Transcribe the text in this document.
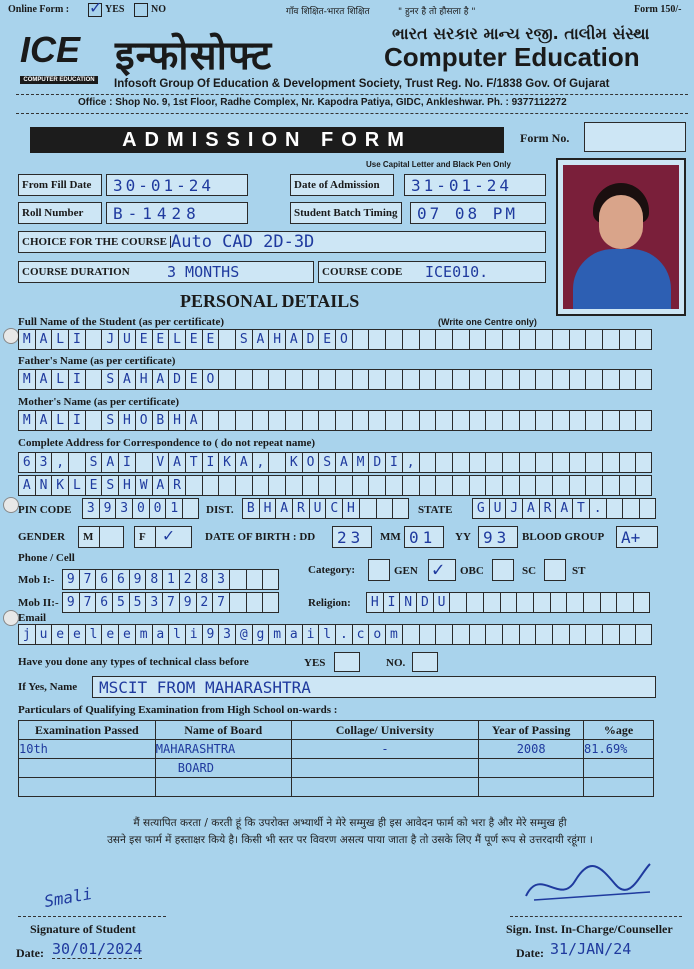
Online Form : ✓ YES	NO	गाँव शिक्षित-भारत शिक्षित	" हुनर है तो हौसला है "	Form 150/-
ICE
COMPUTER EDUCATION
इन्फोसोफ्ट	ભારત સરકાર માન્ય રજી. તાલીમ સંસ્થા
Computer Education
Infosoft Group Of Education & Development Society, Trust Reg. No. F/1838 Gov. Of Gujarat
Office : Shop No. 9, 1st Floor, Radhe Complex, Nr. Kapodra Patiya, GIDC, Ankleshwar. Ph. : 9377112272
ADMISSION FORM	Form No.
Use Capital Letter and Black Pen Only
From Fill Date 30-01-24	Date of Admission 31-01-24
Roll Number B-1428	Student Batch Timing 07 08 PM
CHOICE FOR THE COURSE Auto CAD 2D-3D
COURSE DURATION 3 MONTHS	COURSE CODE ICE010.
PERSONAL DETAILS
Full Name of the Student (as per certificate)	(Write one Centre only)
M A L I	J U E E L E E	S A H A D E O
Father's Name (as per certificate)
M A L I	S A H A D E O
Mother's Name (as per certificate)
M A L I	S H O B H A
Complete Address for Correspondence to ( do not repeat name)
6 3 ,	S A I	V A T I K A ,	K O S A M D I ,
A N K L E S H W A R
PIN CODE	3 9 3 0 0 1	DIST.	B H A R U C H	STATE	G U J A R A T .
GENDER M	F ✓	DATE OF BIRTH : DD 23 MM 01 YY 93 BLOOD GROUP A+
Phone / Cell
Mob I:- 9 7 6 6 9 8 1 2 8 3
Mob II:- 9 7 6 5 5 3 7 9 2 7
Category:	GEN ✓ OBC	SC	ST
Religion:	H I N D U
Email
j u e e l e e m a l i 9 3 @ g m a i l . c o m
Have you done any types of technical class before	YES	NO.
If Yes, Name MSCIT FROM MAHARASHTRA
Particulars of Qualifying Examination from High School on-wards :
Examination Passed	Name of Board	Collage/ University	Year of Passing	%age
10th	MAHARASHTRA	-	2008	81.69%
	BOARD			

मैं सत्यापित करता / करती हूं कि उपरोक्त अभ्यार्थी ने मेरे सम्मुख ही इस आवेदन फार्म को भरा है और मेरे सम्मुख ही
उसने इस फार्म में हस्ताक्षर किये है। किसी भी स्तर पर विवरण असत्य पाया जाता है तो उसके लिए मैं पूर्ण रूप से उत्तरदायी रहूंगा ।
Smali
Signature of Student
Date: 30/01/2024
Sign. Inst. In-Charge/Counseller
Date: 31/JAN/24
